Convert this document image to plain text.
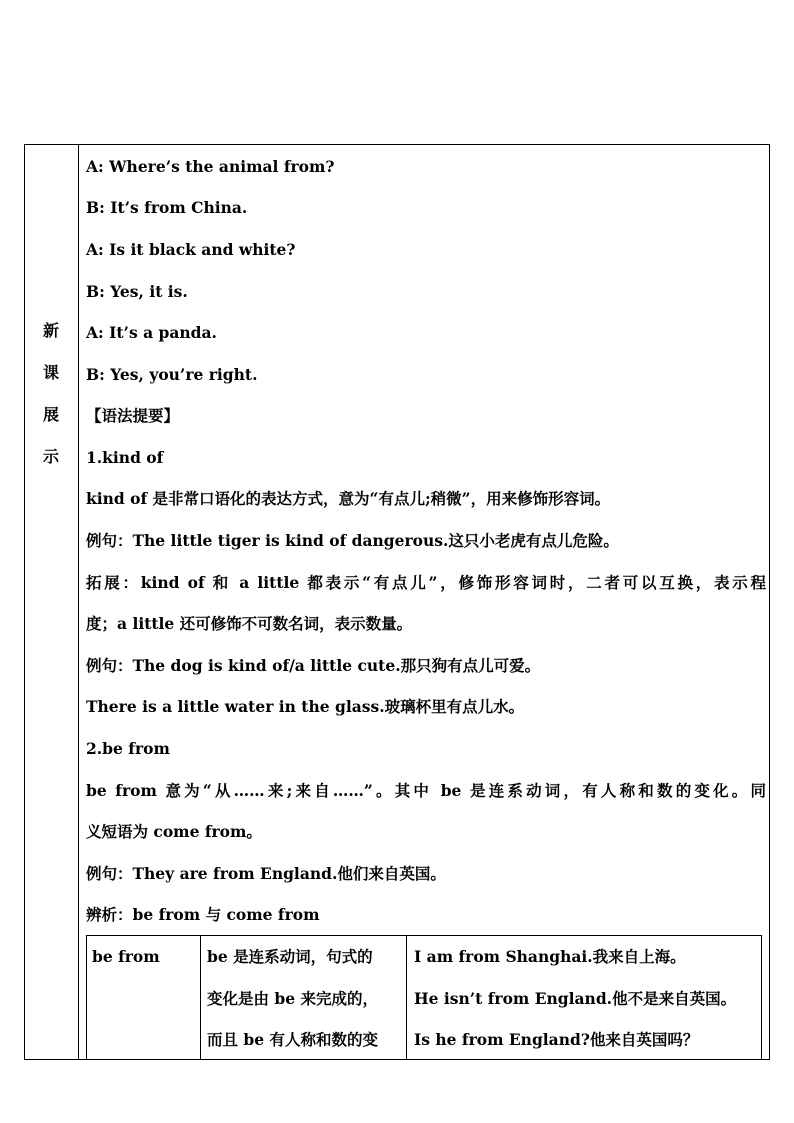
新
课
展
示
A: Where’s the animal from?
B: It’s from China.
A: Is it black and white?
B: Yes, it is.
A: It’s a panda.
B: Yes, you’re right.
【语法提要】
1.kind of
kind of 是非常口语化的表达方式，意为“有点儿;稍微”，用来修饰形容词。
例句：The little tiger is kind of dangerous.这只小老虎有点儿危险。
拓展：kind of 和 a little 都表示“有点儿”，修饰形容词时，二者可以互换，表示程
度；a little 还可修饰不可数名词，表示数量。
例句：The dog is kind of/a little cute.那只狗有点儿可爱。
There is a little water in the glass.玻璃杯里有点儿水。
2.be from
be from 意为“从……来;来自……”。其中 be 是连系动词，有人称和数的变化。同
义短语为 come from。
例句：They are from England.他们来自英国。
辨析：be from 与 come from
be from	be 是连系动词，句式的
变化是由 be 来完成的，
而且 be 有人称和数的变
I am from Shanghai.我来自上海。
He isn’t from England.他不是来自英国。
Is he from England?他来自英国吗？
